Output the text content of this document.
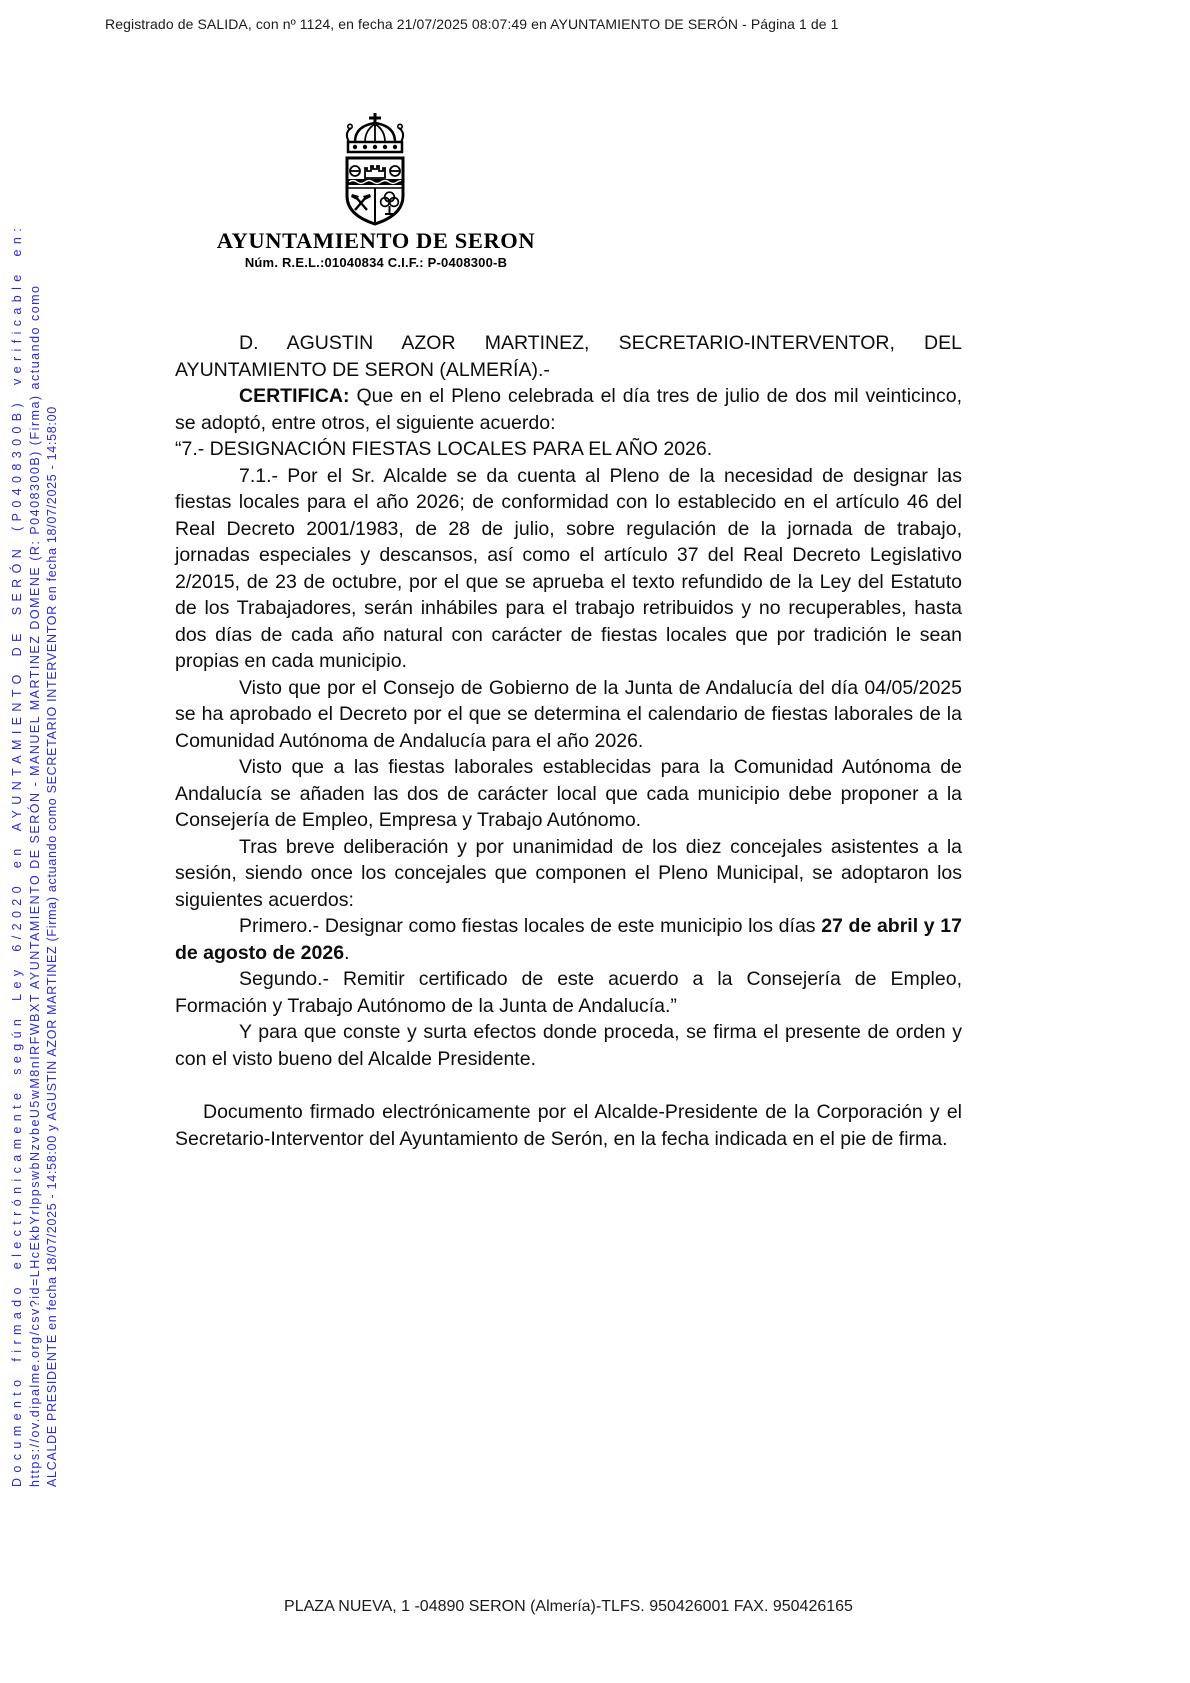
Registrado de SALIDA, con nº 1124, en fecha 21/07/2025 08:07:49 en AYUNTAMIENTO DE SERÓN - Página 1 de 1
Documento firmado electrónicamente según Ley 6/2020 en AYUNTAMIENTO DE SERÓN (P0408300B) verificable en: https://ov.dipalme.org/csv?id=LHcEkbYrlppswbNzvbeU5wM8nIRFWBXT AYUNTAMIENTO DE SERÓN - MANUEL MARTINEZ DOMENE (R: P0408300B) (Firma) actuando como ALCALDE PRESIDENTE en fecha 18/07/2025 - 14:58:00 y AGUSTIN AZOR MARTINEZ (Firma) actuando como SECRETARIO INTERVENTOR en fecha 18/07/2025 - 14:58:00
AYUNTAMIENTO DE SERON
Núm. R.E.L.:01040834 C.I.F.: P-0408300-B

D. AGUSTIN AZOR MARTINEZ, SECRETARIO-INTERVENTOR, DEL AYUNTAMIENTO DE SERON (ALMERÍA).-

CERTIFICA: Que en el Pleno celebrada el día tres de julio de dos mil veinticinco, se adoptó, entre otros, el siguiente acuerdo:

“7.- DESIGNACIÓN FIESTAS LOCALES PARA EL AÑO 2026.

7.1.- Por el Sr. Alcalde se da cuenta al Pleno de la necesidad de designar las fiestas locales para el año 2026; de conformidad con lo establecido en el artículo 46 del Real Decreto 2001/1983, de 28 de julio, sobre regulación de la jornada de trabajo, jornadas especiales y descansos, así como el artículo 37 del Real Decreto Legislativo 2/2015, de 23 de octubre, por el que se aprueba el texto refundido de la Ley del Estatuto de los Trabajadores, serán inhábiles para el trabajo retribuidos y no recuperables, hasta dos días de cada año natural con carácter de fiestas locales que por tradición le sean propias en cada municipio.

Visto que por el Consejo de Gobierno de la Junta de Andalucía del día 04/05/2025 se ha aprobado el Decreto por el que se determina el calendario de fiestas laborales de la Comunidad Autónoma de Andalucía para el año 2026.

Visto que a las fiestas laborales establecidas para la Comunidad Autónoma de Andalucía se añaden las dos de carácter local que cada municipio debe proponer a la Consejería de Empleo, Empresa y Trabajo Autónomo.

Tras breve deliberación y por unanimidad de los diez concejales asistentes a la sesión, siendo once los concejales que componen el Pleno Municipal, se adoptaron los siguientes acuerdos:

Primero.- Designar como fiestas locales de este municipio los días 27 de abril y 17 de agosto de 2026.

Segundo.- Remitir certificado de este acuerdo a la Consejería de Empleo, Formación y Trabajo Autónomo de la Junta de Andalucía.”

Y para que conste y surta efectos donde proceda, se firma el presente de orden y con el visto bueno del Alcalde Presidente.

Documento firmado electrónicamente por el Alcalde-Presidente de la Corporación y el Secretario-Interventor del Ayuntamiento de Serón, en la fecha indicada en el pie de firma.

PLAZA NUEVA, 1 -04890 SERON (Almería)-TLFS. 950426001 FAX. 950426165
